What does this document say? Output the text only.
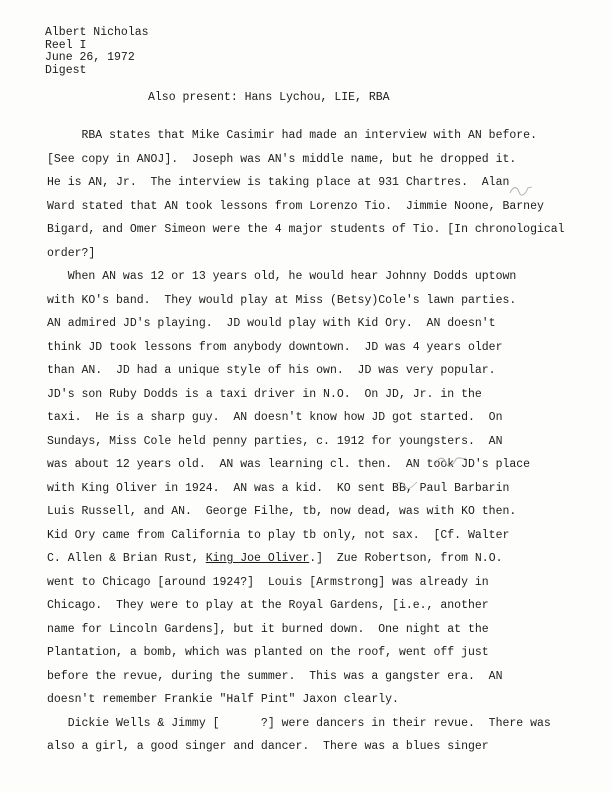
Albert Nicholas
Reel I
June 26, 1972
Digest
Also present: Hans Lychou, LIE, RBA
RBA states that Mike Casimir had made an interview with AN before.
[See copy in ANOJ].  Joseph was AN's middle name, but he dropped it.
He is AN, Jr.  The interview is taking place at 931 Chartres.  Alan
Ward stated that AN took lessons from Lorenzo Tio.  Jimmie Noone, Barney
Bigard, and Omer Simeon were the 4 major students of Tio. [In chronological
order?]
When AN was 12 or 13 years old, he would hear Johnny Dodds uptown
with KO's band.  They would play at Miss (Betsy)Cole's lawn parties.
AN admired JD's playing.  JD would play with Kid Ory.  AN doesn't
think JD took lessons from anybody downtown.  JD was 4 years older
than AN.  JD had a unique style of his own.  JD was very popular.
JD's son Ruby Dodds is a taxi driver in N.O.  On JD, Jr. in the
taxi.  He is a sharp guy.  AN doesn't know how JD got started.  On
Sundays, Miss Cole held penny parties, c. 1912 for youngsters.  AN
was about 12 years old.  AN was learning cl. then.  AN took JD's place
with King Oliver in 1924.  AN was a kid.  KO sent BB, Paul Barbarin
Luis Russell, and AN.  George Filhe, tb, now dead, was with KO then.
Kid Ory came from California to play tb only, not sax.  [Cf. Walter
C. Allen & Brian Rust, King Joe Oliver.]  Zue Robertson, from N.O.
went to Chicago [around 1924?]  Louis [Armstrong] was already in
Chicago.  They were to play at the Royal Gardens, [i.e., another
name for Lincoln Gardens], but it burned down.  One night at the
Plantation, a bomb, which was planted on the roof, went off just
before the revue, during the summer.  This was a gangster era.  AN
doesn't remember Frankie "Half Pint" Jaxon clearly.
Dickie Wells & Jimmy [      ?] were dancers in their revue.  There was
also a girl, a good singer and dancer.  There was a blues singer
